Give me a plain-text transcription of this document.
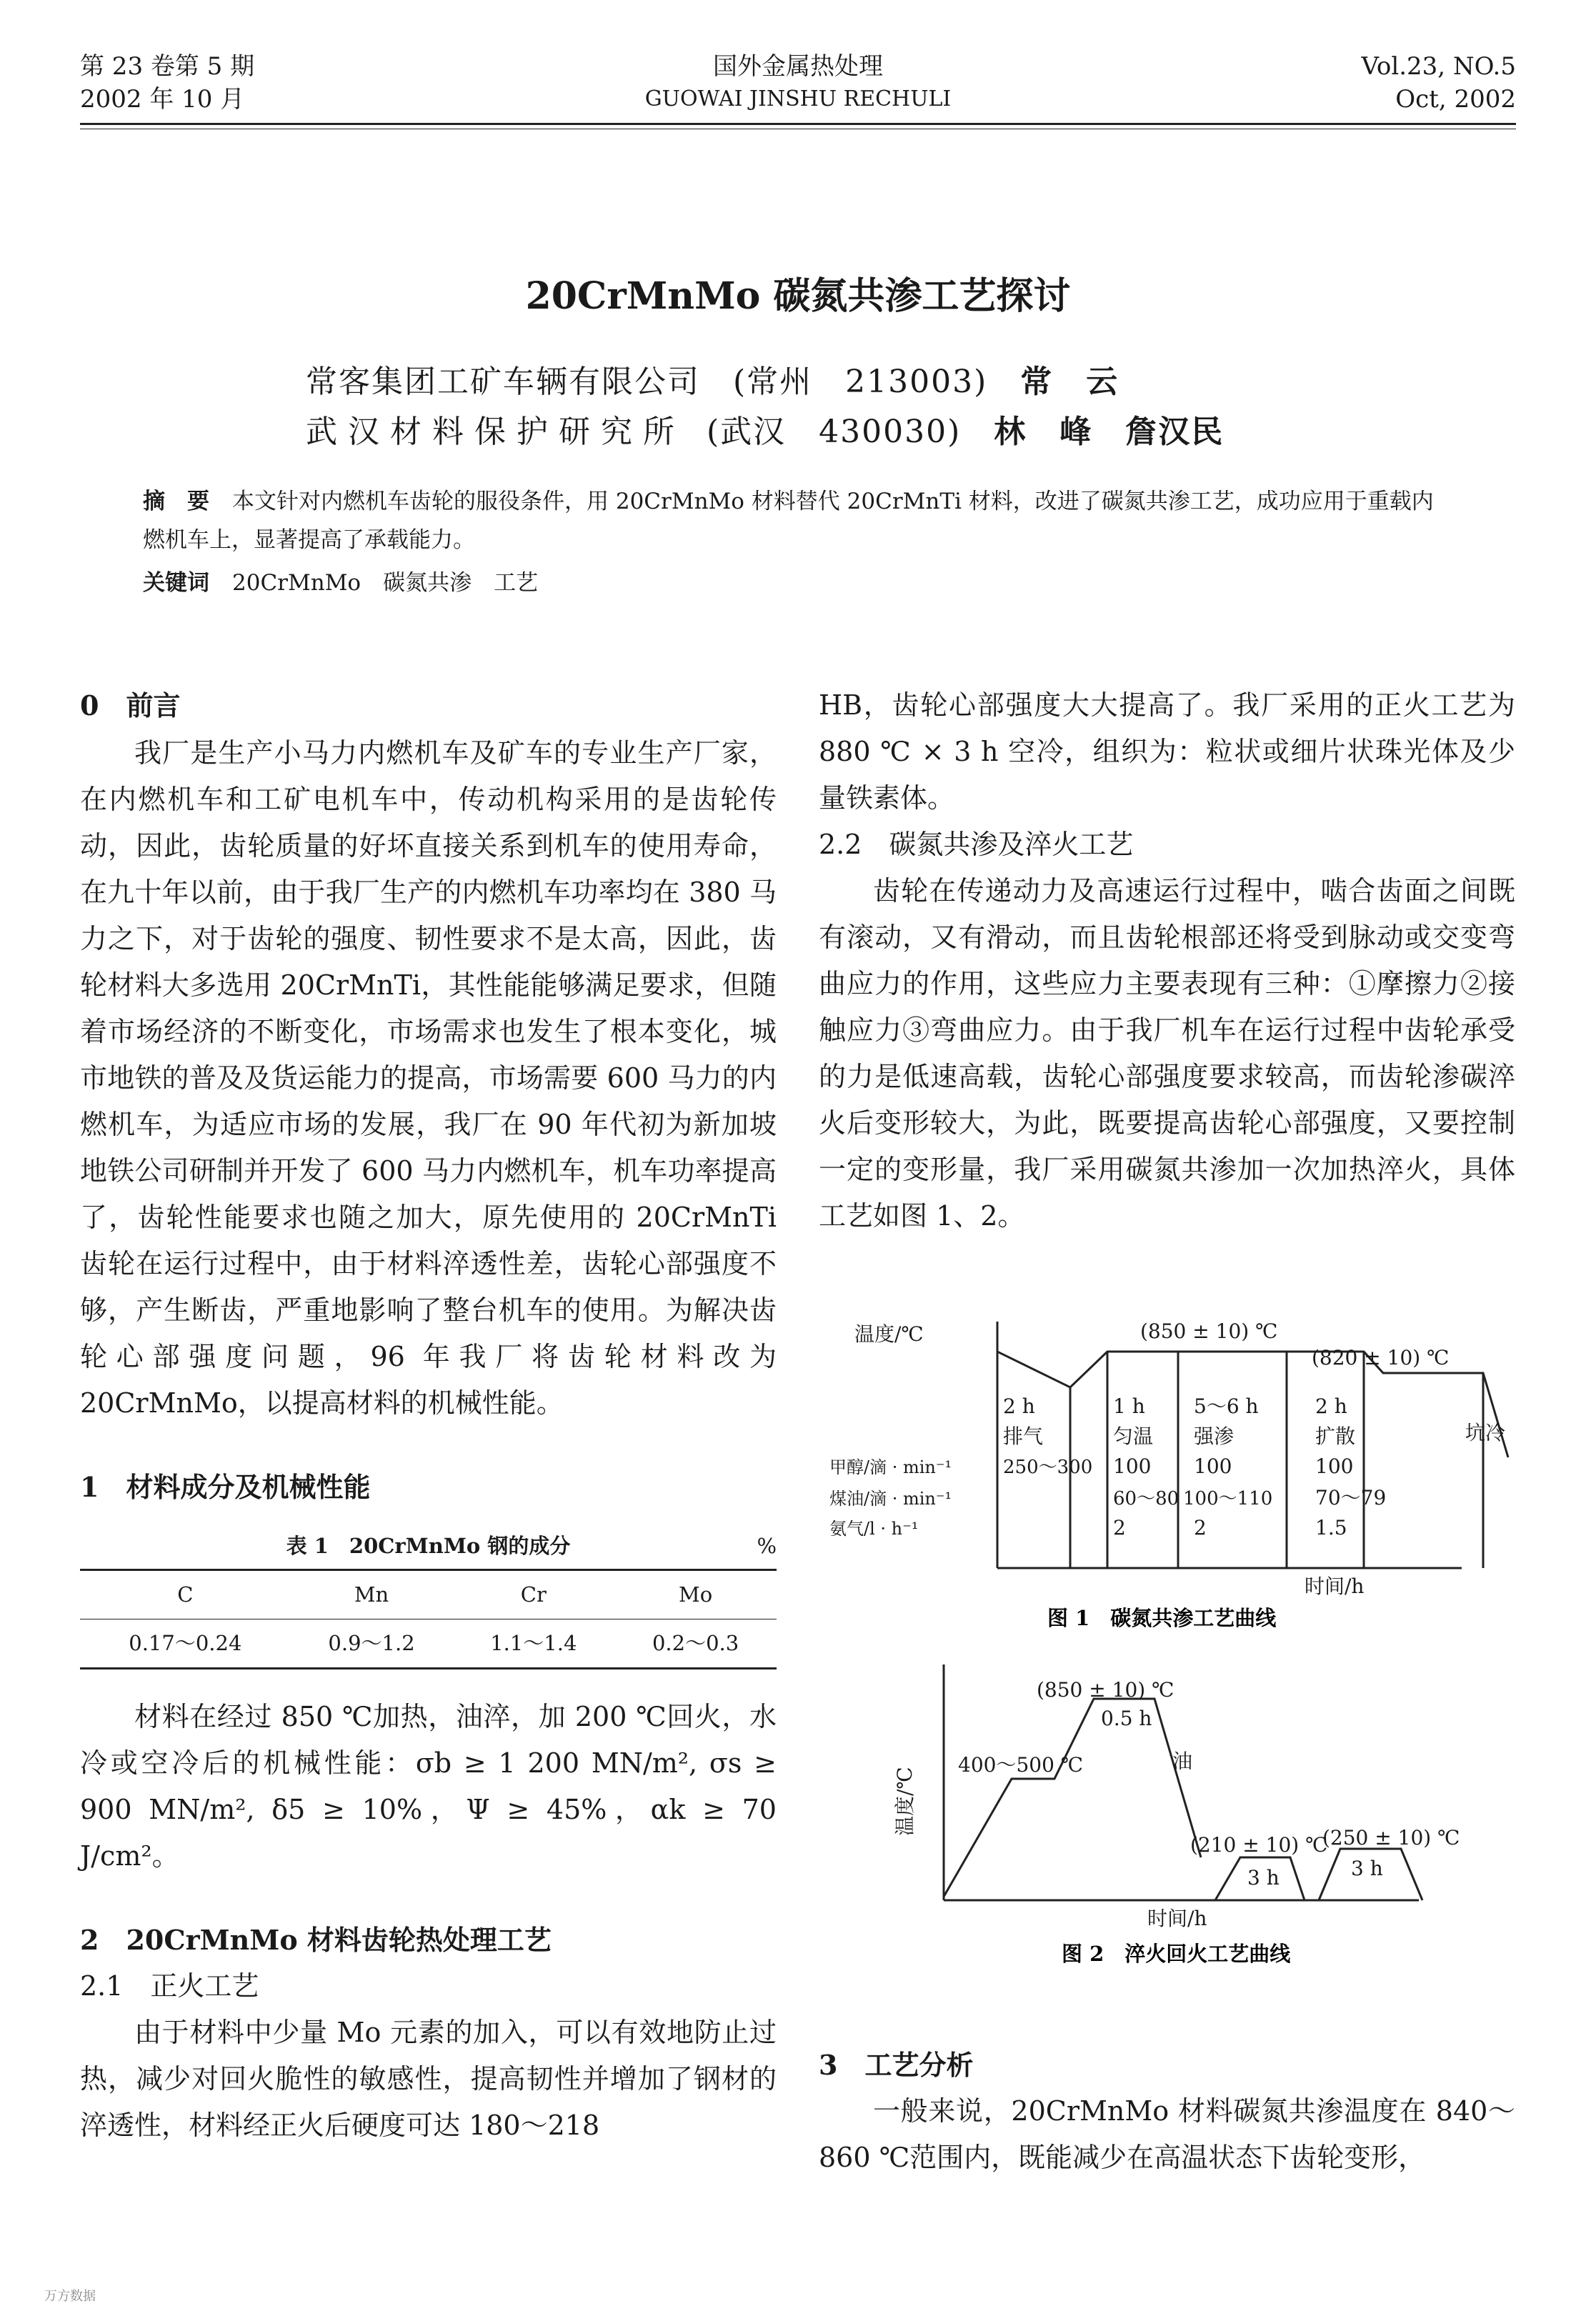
第 23 卷第 5 期
2002 年 10 月
国外金属热处理
GUOWAI JINSHU RECHULI
Vol.23, NO.5
Oct, 2002
20CrMnMo 碳氮共渗工艺探讨
常客集团工矿车辆有限公司 (常州　213003) 常　云
武汉材料保护研究所 (武汉　430030) 林　峰　詹汉民
摘　要 本文针对内燃机车齿轮的服役条件，用 20CrMnMo 材料替代 20CrMnTi 材料，改进了碳氮共渗工艺，成功应用于重载内燃机车上，显著提高了承载能力。
关键词 20CrMnMo　碳氮共渗　工艺
0　前言

我厂是生产小马力内燃机车及矿车的专业生产厂家，在内燃机车和工矿电机车中，传动机构采用的是齿轮传动，因此，齿轮质量的好坏直接关系到机车的使用寿命，在九十年以前，由于我厂生产的内燃机车功率均在 380 马力之下，对于齿轮的强度、韧性要求不是太高，因此，齿轮材料大多选用 20CrMnTi，其性能能够满足要求，但随着市场经济的不断变化，市场需求也发生了根本变化，城市地铁的普及及货运能力的提高，市场需要 600 马力的内燃机车，为适应市场的发展，我厂在 90 年代初为新加坡地铁公司研制并开发了 600 马力内燃机车，机车功率提高了，齿轮性能要求也随之加大，原先使用的 20CrMnTi 齿轮在运行过程中，由于材料淬透性差，齿轮心部强度不够，产生断齿，严重地影响了整台机车的使用。为解决齿轮心部强度问题，96 年我厂将齿轮材料改为 20CrMnMo，以提高材料的机械性能。

1　材料成分及机械性能
表 1　20CrMnMo 钢的成分	%
C	Mn	Cr	Mo
0.17～0.24	0.9～1.2	1.1～1.4	0.2～0.3

材料在经过 850 ℃加热，油淬，加 200 ℃回火，水冷或空冷后的机械性能：σb ≥ 1 200 MN/m², σs ≥ 900 MN/m², δ5 ≥ 10%，Ψ ≥ 45%，αk ≥ 70 J/cm²。

2　20CrMnMo 材料齿轮热处理工艺
2.1　正火工艺

由于材料中少量 Mo 元素的加入，可以有效地防止过热，减少对回火脆性的敏感性，提高韧性并增加了钢材的淬透性，材料经正火后硬度可达 180～218

HB，齿轮心部强度大大提高了。我厂采用的正火工艺为 880 ℃ × 3 h 空冷，组织为：粒状或细片状珠光体及少量铁素体。

2.2　碳氮共渗及淬火工艺

齿轮在传递动力及高速运行过程中，啮合齿面之间既有滚动，又有滑动，而且齿轮根部还将受到脉动或交变弯曲应力的作用，这些应力主要表现有三种：①摩擦力②接触应力③弯曲应力。由于我厂机车在运行过程中齿轮承受的力是低速高载，齿轮心部强度要求较高，而齿轮渗碳淬火后变形较大，为此，既要提高齿轮心部强度，又要控制一定的变形量，我厂采用碳氮共渗加一次加热淬火，具体工艺如图 1、2。

温度/℃	(850 ± 10) ℃
(820 ± 10) ℃
时间/h
2 h
排气
250～300
1 h
匀温
100
60～80
2
5～6 h
强渗
100
100～110
2
2 h
扩散
100
70～79
1.5
坑冷
甲醇/滴 · min⁻¹
煤油/滴 · min⁻¹
氨气/l · h⁻¹
图 1　碳氮共渗工艺曲线
400～500 ℃
(850 ± 10) ℃
0.5 h
油
(210 ± 10) ℃
3 h
(250 ± 10) ℃
3 h
时间/h
温度/℃
图 2　淬火回火工艺曲线
3　工艺分析

一般来说，20CrMnMo 材料碳氮共渗温度在 840～860 ℃范围内，既能减少在高温状态下齿轮变形，

万方数据
